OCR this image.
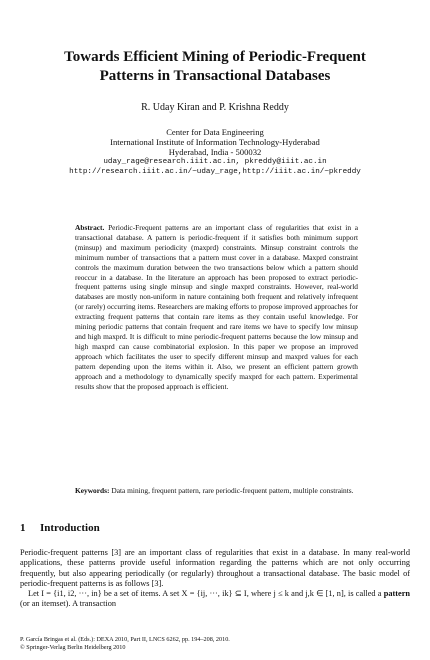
Towards Efficient Mining of Periodic-Frequent
Patterns in Transactional Databases

R. Uday Kiran and P. Krishna Reddy

Center for Data Engineering
International Institute of Information Technology-Hyderabad
Hyderabad, India - 500032
uday_rage@research.iiit.ac.in, pkreddy@iiit.ac.in
http://research.iiit.ac.in/~uday_rage,http://iiit.ac.in/~pkreddy

Abstract. Periodic-Frequent patterns are an important class of regularities that exist in a transactional database. A pattern is periodic-frequent if it satisfies both minimum support (minsup) and maximum periodicity (maxprd) constraints. Minsup constraint controls the minimum number of transactions that a pattern must cover in a database. Maxprd constraint controls the maximum duration between the two transactions below which a pattern should reoccur in a database. In the literature an approach has been proposed to extract periodic-frequent patterns using single minsup and single maxprd constraints. However, real-world databases are mostly non-uniform in nature containing both frequent and relatively infrequent (or rarely) occurring items. Researchers are making efforts to propose improved approaches for extracting frequent patterns that contain rare items as they contain useful knowledge. For mining periodic patterns that contain frequent and rare items we have to specify low minsup and high maxprd. It is difficult to mine periodic-frequent patterns because the low minsup and high maxprd can cause combinatorial explosion. In this paper we propose an improved approach which facilitates the user to specify different minsup and maxprd values for each pattern depending upon the items within it. Also, we present an efficient pattern growth approach and a methodology to dynamically specify maxprd for each pattern. Experimental results show that the proposed approach is efficient.

Keywords: Data mining, frequent pattern, rare periodic-frequent pattern, multiple constraints.

1 Introduction

Periodic-frequent patterns [3] are an important class of regularities that exist in a database. In many real-world applications, these patterns provide useful information regarding the patterns which are not only occurring frequently, but also appearing periodically (or regularly) throughout a transactional database. The basic model of periodic-frequent patterns is as follows [3].

Let I = {i1, i2, ···, in} be a set of items. A set X = {ij, ···, ik} ⊆ I, where j ≤ k and j,k ∈ [1, n], is called a pattern (or an itemset). A transaction

P. García Bringas et al. (Eds.): DEXA 2010, Part II, LNCS 6262, pp. 194–208, 2010.
© Springer-Verlag Berlin Heidelberg 2010
